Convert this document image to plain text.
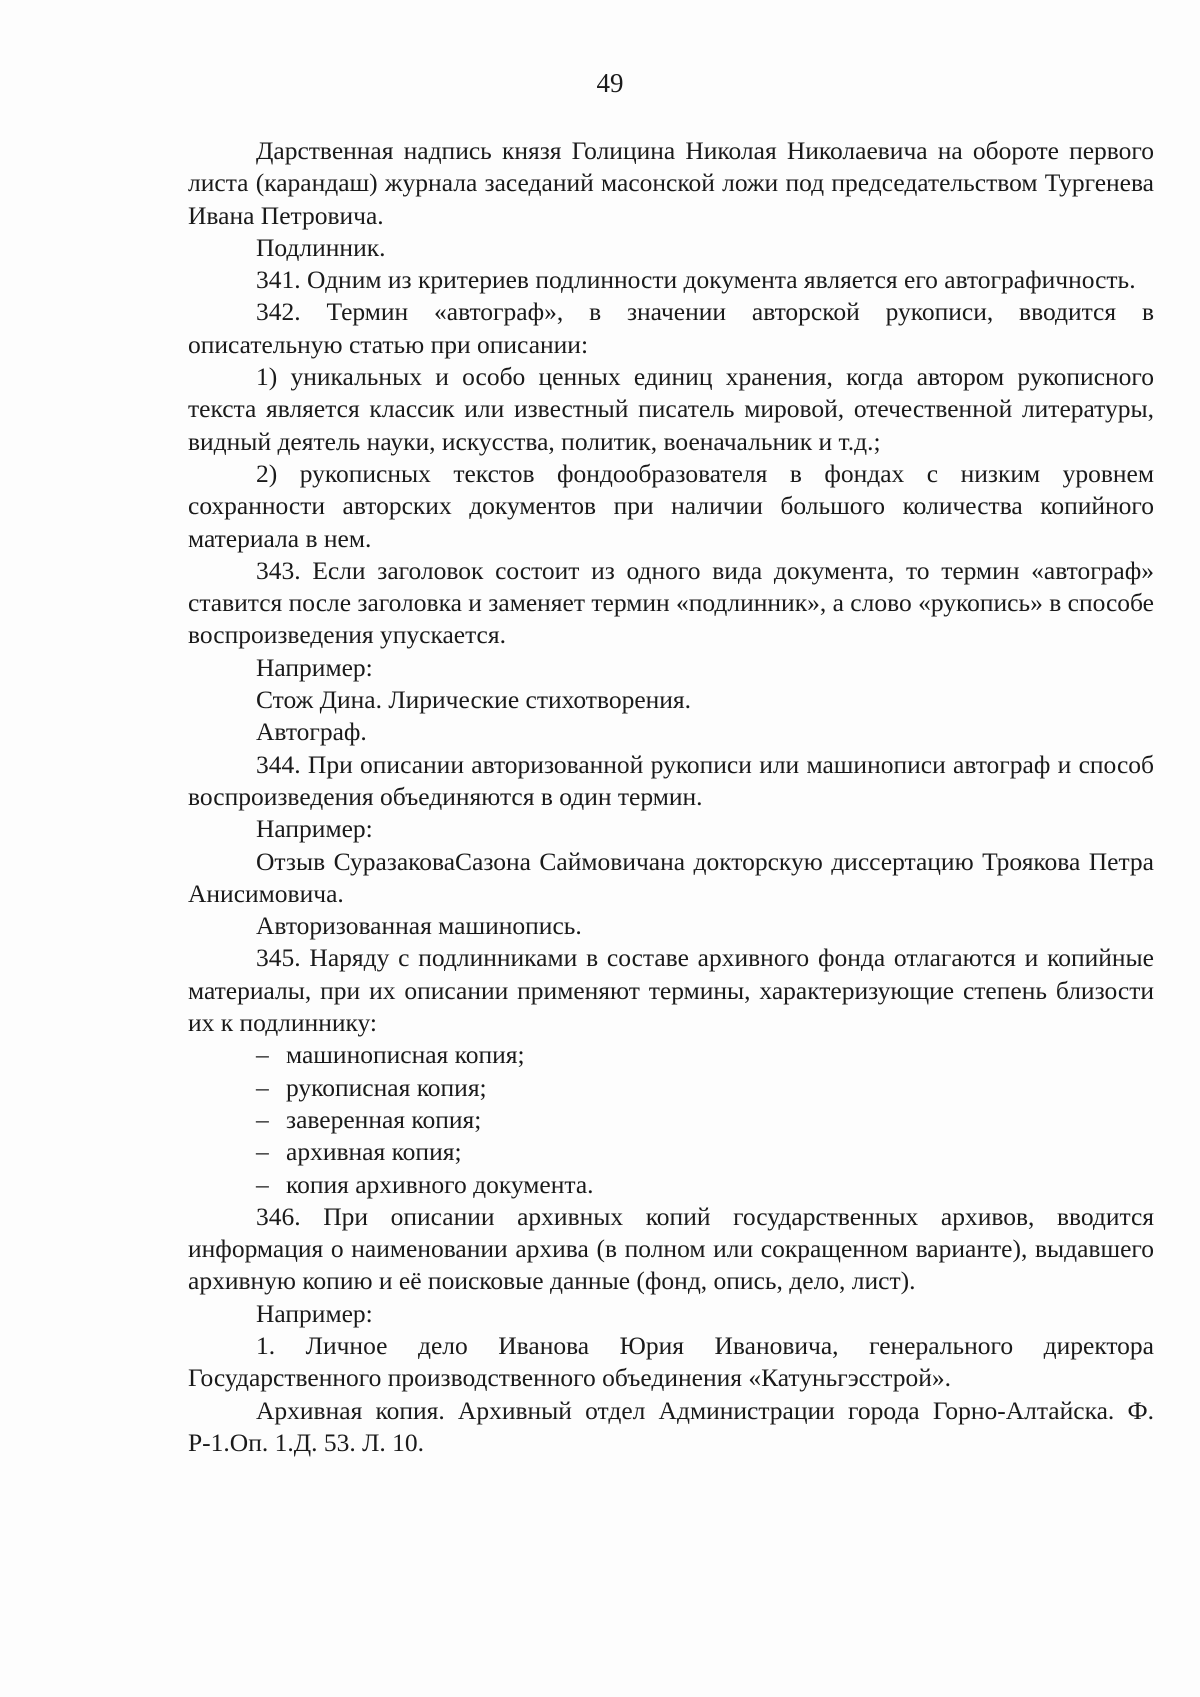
49

Дарственная надпись князя Голицина Николая Николаевича на обороте первого листа (карандаш) журнала заседаний масонской ложи под председательством Тургенева Ивана Петровича.

Подлинник.

341. Одним из критериев подлинности документа является его автографичность.

342. Термин «автограф», в значении авторской рукописи, вводится в описательную статью при описании:

1) уникальных и особо ценных единиц хранения, когда автором рукописного текста является классик или известный писатель мировой, отечественной литературы, видный деятель науки, искусства, политик, военачальник и т.д.;

2) рукописных текстов фондообразователя в фондах с низким уровнем сохранности авторских документов при наличии большого количества копийного материала в нем.

343. Если заголовок состоит из одного вида документа, то термин «автограф» ставится после заголовка и заменяет термин «подлинник», а слово «рукопись» в способе воспроизведения упускается.

Например:

Стож Дина. Лирические стихотворения.

Автограф.

344. При описании авторизованной рукописи или машинописи автограф и способ воспроизведения объединяются в один термин.

Например:

Отзыв СуразаковаСазона Саймовичана докторскую диссертацию Троякова Петра Анисимовича.

Авторизованная машинопись.

345. Наряду с подлинниками в составе архивного фонда отлагаются и копийные материалы, при их описании применяют термины, характеризующие степень близости их к подлиннику:

– машинописная копия;
– рукописная копия;
– заверенная копия;
– архивная копия;
– копия архивного документа.

346. При описании архивных копий государственных архивов, вводится информация о наименовании архива (в полном или сокращенном варианте), выдавшего архивную копию и её поисковые данные (фонд, опись, дело, лист).

Например:

1. Личное дело Иванова Юрия Ивановича, генерального директора Государственного производственного объединения «Катуньгэсстрой».

Архивная копия. Архивный отдел Администрации города Горно-Алтайска. Ф. Р-1.Оп. 1.Д. 53. Л. 10.
